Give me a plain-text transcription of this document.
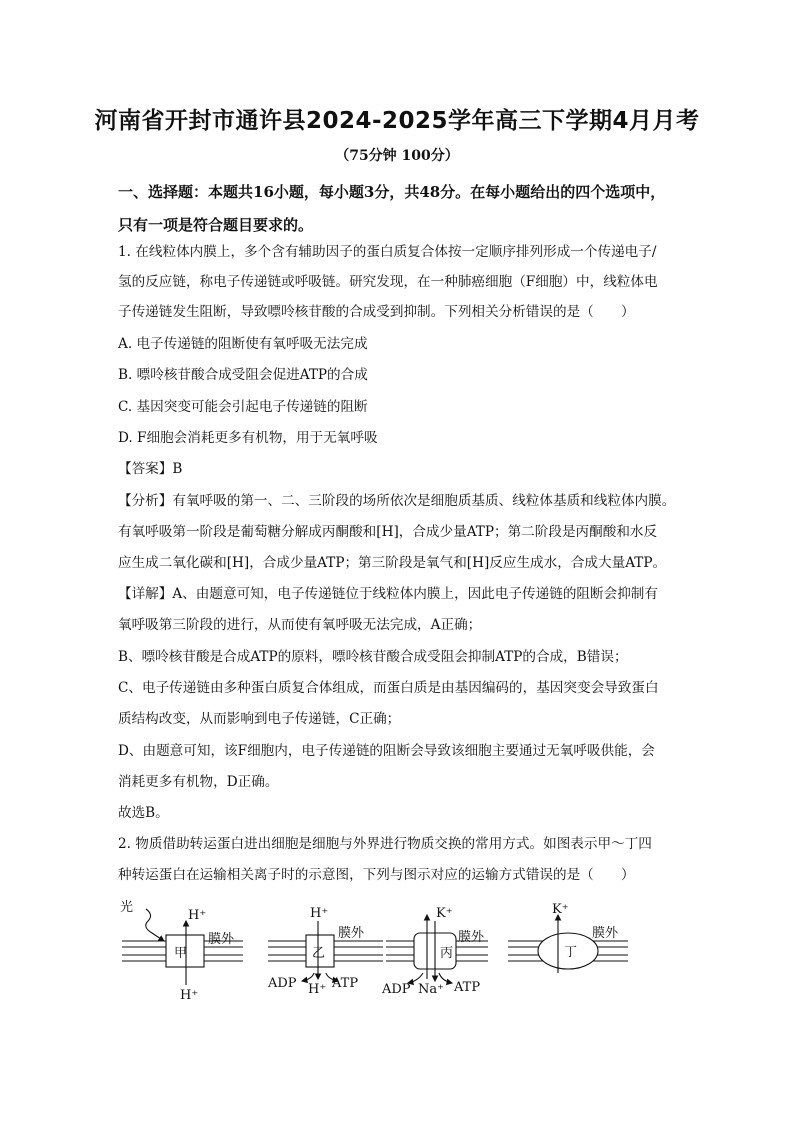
河南省开封市通许县2024-2025学年高三下学期4月月考
（75分钟 100分）
一、选择题：本题共16小题，每小题3分，共48分。在每小题给出的四个选项中，只有一项是符合题目要求的。
1. 在线粒体内膜上，多个含有辅助因子的蛋白质复合体按一定顺序排列形成一个传递电子/
氢的反应链，称电子传递链或呼吸链。研究发现，在一种肺癌细胞（F细胞）中，线粒体电
子传递链发生阻断，导致嘌呤核苷酸的合成受到抑制。下列相关分析错误的是（　　）
A. 电子传递链的阻断使有氧呼吸无法完成
B. 嘌呤核苷酸合成受阻会促进ATP的合成
C. 基因突变可能会引起电子传递链的阻断
D. F细胞会消耗更多有机物，用于无氧呼吸
【答案】B
【分析】有氧呼吸的第一、二、三阶段的场所依次是细胞质基质、线粒体基质和线粒体内膜。
有氧呼吸第一阶段是葡萄糖分解成丙酮酸和[H]，合成少量ATP；第二阶段是丙酮酸和水反
应生成二氧化碳和[H]，合成少量ATP；第三阶段是氧气和[H]反应生成水，合成大量ATP。
【详解】A、由题意可知，电子传递链位于线粒体内膜上，因此电子传递链的阻断会抑制有
氧呼吸第三阶段的进行，从而使有氧呼吸无法完成，A正确；
B、嘌呤核苷酸是合成ATP的原料，嘌呤核苷酸合成受阻会抑制ATP的合成，B错误；
C、电子传递链由多种蛋白质复合体组成，而蛋白质是由基因编码的，基因突变会导致蛋白
质结构改变，从而影响到电子传递链，C正确；
D、由题意可知，该F细胞内，电子传递链的阻断会导致该细胞主要通过无氧呼吸供能，会
消耗更多有机物，D正确。
故选B。
2. 物质借助转运蛋白进出细胞是细胞与外界进行物质交换的常用方式。如图表示甲～丁四
种转运蛋白在运输相关离子时的示意图，下列与图示对应的运输方式错误的是（　　）
光
H⁺
膜外
甲
H⁺
H⁺
膜外
乙
ADP H⁺ ATP
K⁺
膜外
丙
ADP Na⁺ ATP
K⁺
膜外
丁
